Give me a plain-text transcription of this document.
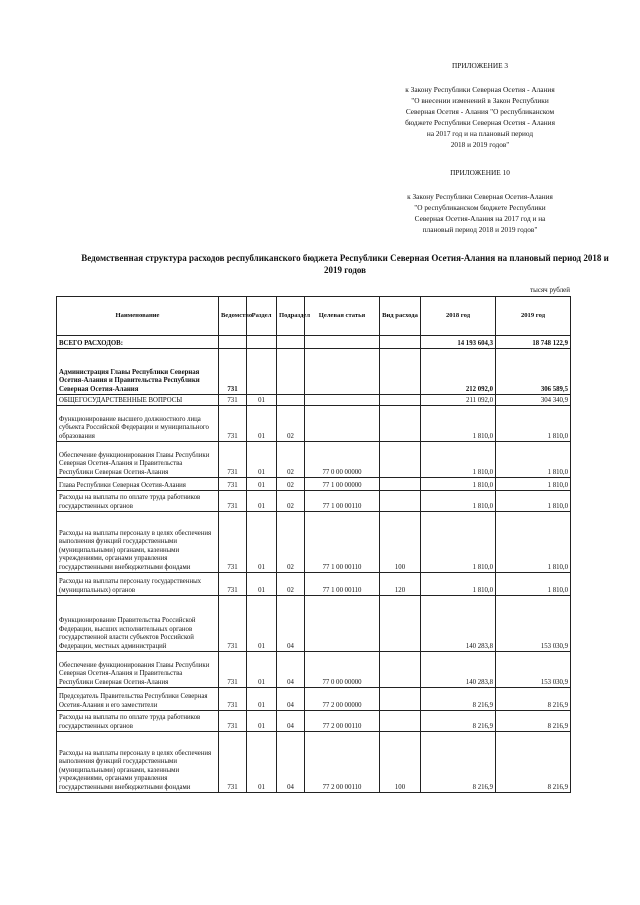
ПРИЛОЖЕНИЕ 3
к Закону Республики Северная Осетия - Алания
"О внесении изменений в Закон Республики
Северная Осетия - Алания "О республиканском
бюджете Республики Северная Осетия - Алания
на 2017 год и на плановый период
2018 и 2019 годов"
ПРИЛОЖЕНИЕ 10
к Закону Республики Северная Осетия-Алания
"О республиканском бюджете Республики
Северная Осетия-Алания на 2017 год и на
плановый период 2018 и 2019 годов"
Ведомственная структура расходов республиканского бюджета Республики Северная Осетия-Алания на плановый период 2018 и 2019 годов
тысяч рублей
Наименование	Ведомство	Раздел	Подраздел	Целевая статья	Вид расхода	2018 год	2019 год
ВСЕГО РАСХОДОВ:						14 193 604,3	18 748 122,9
Администрация Главы Республики Северная Осетия-Алания и Правительства Республики Северная Осетия-Алания	731					212 092,0	306 589,5
ОБЩЕГОСУДАРСТВЕННЫЕ ВОПРОСЫ	731	01				211 092,0	304 340,9
Функционирование высшего должностного лица субъекта Российской Федерации и муниципального образования	731	01	02			1 810,0	1 810,0
Обеспечение функционирования Главы Республики Северная Осетия-Алания и Правительства Республики Северная Осетия-Алания	731	01	02	77 0 00 00000		1 810,0	1 810,0
Глава Республики Северная Осетия-Алания	731	01	02	77 1 00 00000		1 810,0	1 810,0
Расходы на выплаты по оплате труда работников государственных органов	731	01	02	77 1 00 00110		1 810,0	1 810,0
Расходы на выплаты персоналу в целях обеспечения выполнения функций государственными (муниципальными) органами, казенными учреждениями, органами управления государственными внебюджетными фондами	731	01	02	77 1 00 00110	100	1 810,0	1 810,0
Расходы на выплаты персоналу государственных (муниципальных) органов	731	01	02	77 1 00 00110	120	1 810,0	1 810,0
Функционирование Правительства Российской Федерации, высших исполнительных органов государственной власти субъектов Российской Федерации, местных администраций	731	01	04			140 283,8	153 030,9
Обеспечение функционирования Главы Республики Северная Осетия-Алания и Правительства Республики Северная Осетия-Алания	731	01	04	77 0 00 00000		140 283,8	153 030,9
Председатель Правительства Республики Северная Осетия-Алания и его заместители	731	01	04	77 2 00 00000		8 216,9	8 216,9
Расходы на выплаты по оплате труда работников государственных органов	731	01	04	77 2 00 00110		8 216,9	8 216,9
Расходы на выплаты персоналу в целях обеспечения выполнения функций государственными (муниципальными) органами, казенными учреждениями, органами управления государственными внебюджетными фондами	731	01	04	77 2 00 00110	100	8 216,9	8 216,9
